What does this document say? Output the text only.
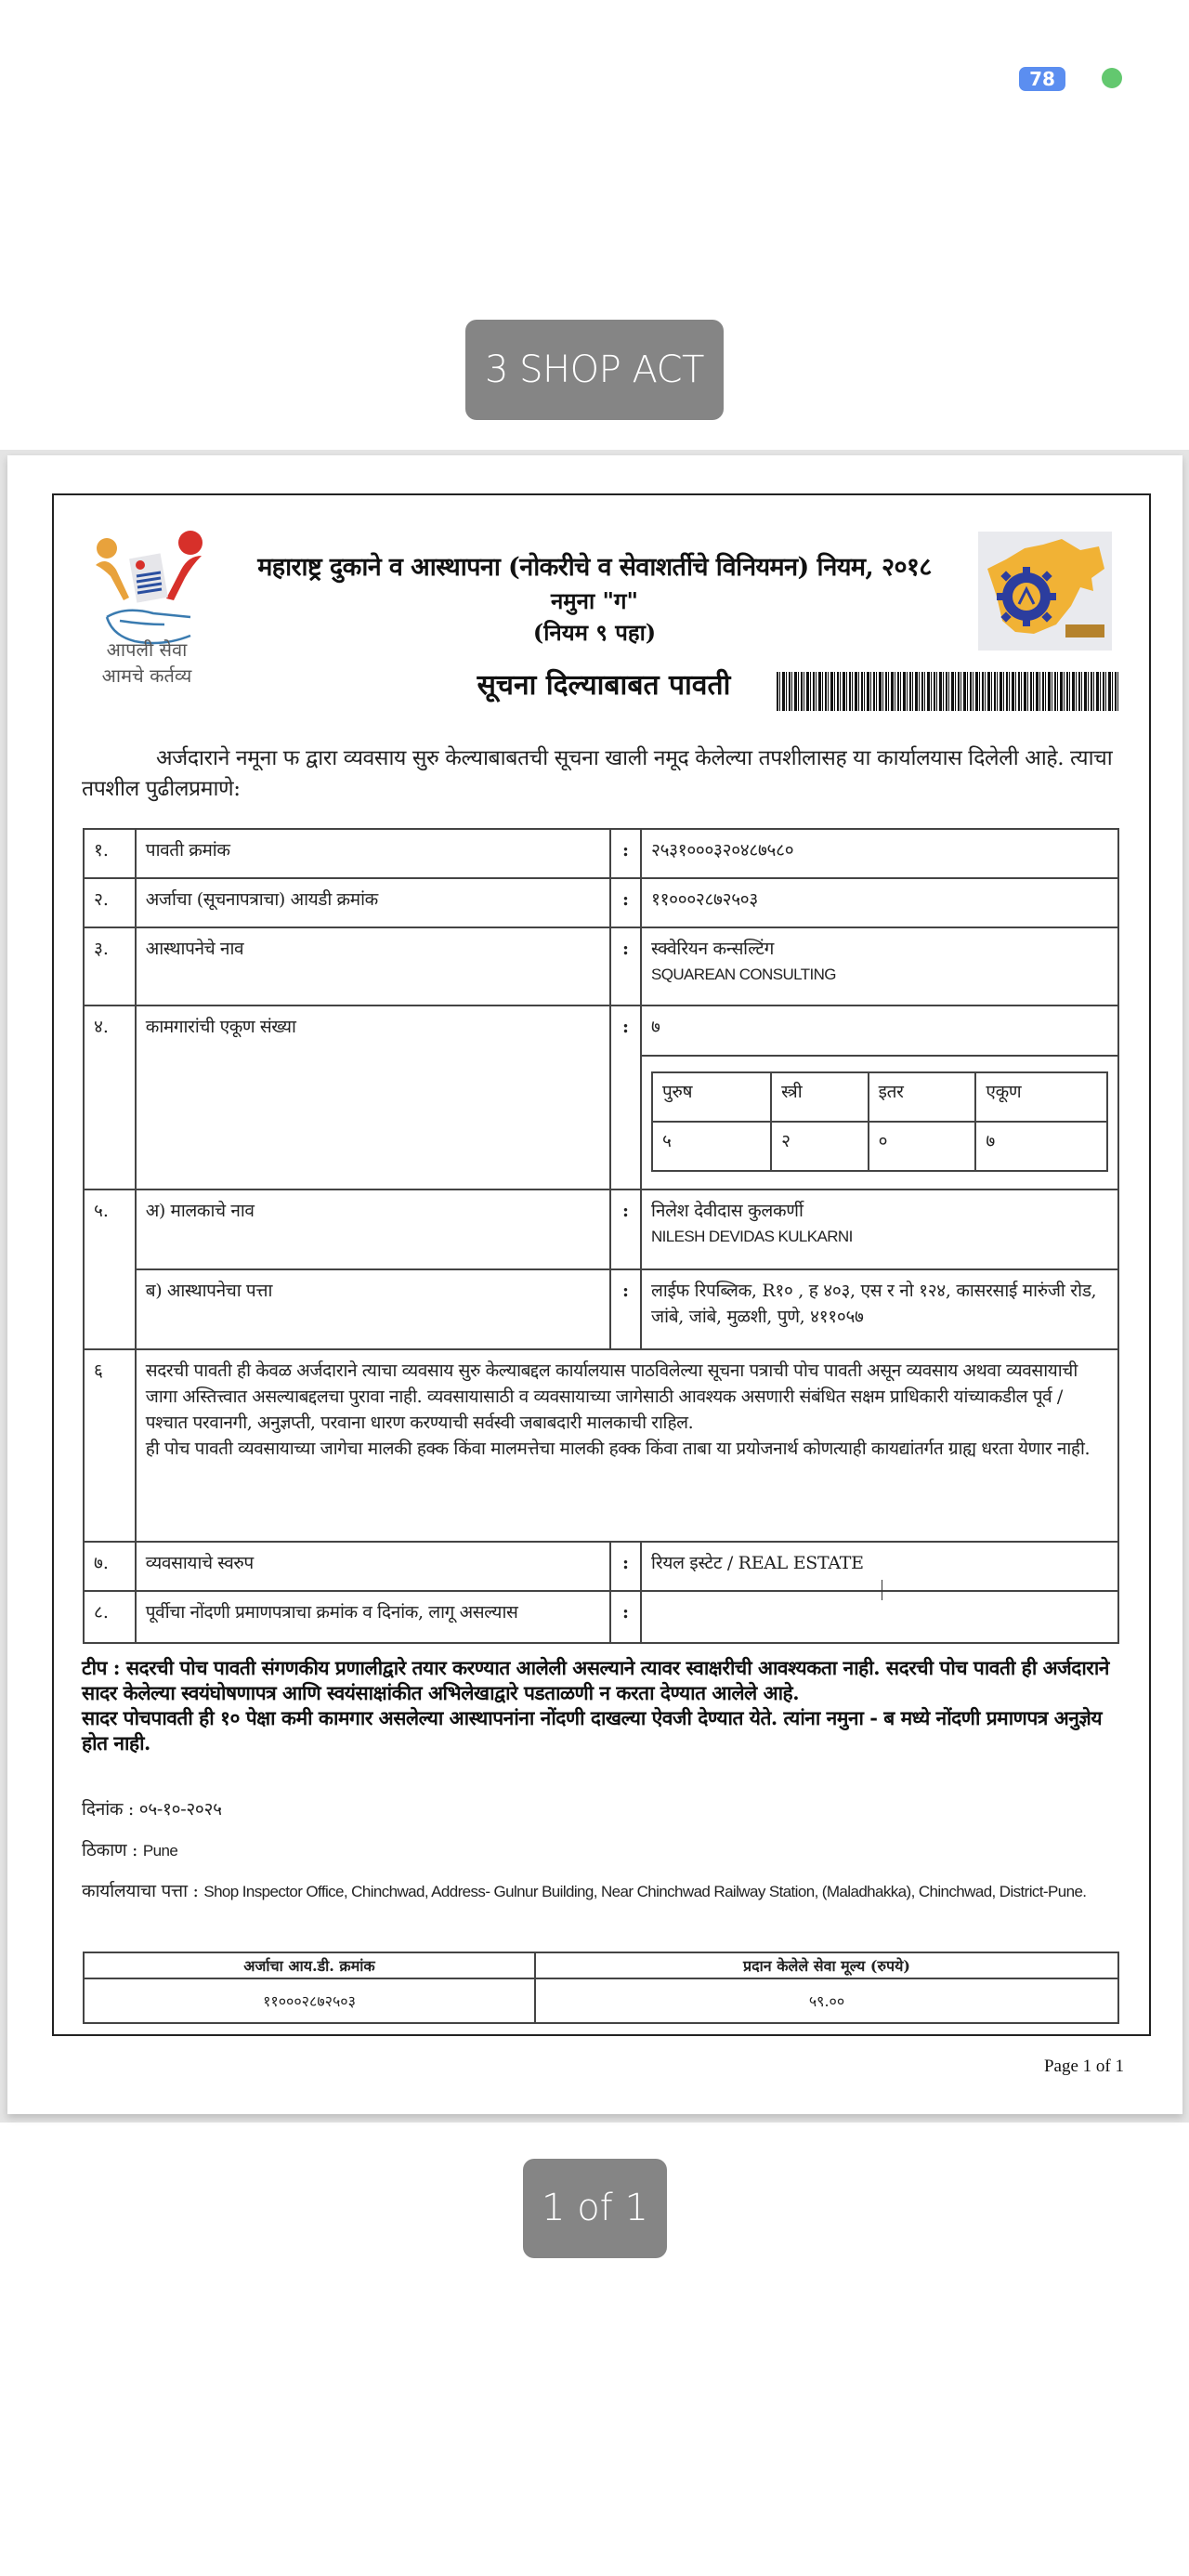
78
3 SHOP ACT
आपली सेवा
आमचे कर्तव्य
महाराष्ट्र दुकाने व आस्थापना (नोकरीचे व सेवाशर्तीचे विनियमन) नियम, २०१८
नमुना "ग"
(नियम ९ पहा)
सूचना दिल्याबाबत पावती
अर्जदाराने नमूना फ द्वारा व्यवसाय सुरु केल्याबाबतची सूचना खाली नमूद केलेल्या तपशीलासह या कार्यालयास दिलेली आहे. त्याचा तपशील पुढीलप्रमाणे:
१.	पावती क्रमांक	:	२५३१०००३२०४८७५८०
२.	अर्जाचा (सूचनापत्राचा) आयडी क्रमांक	:	११०००२८७२५०३
३.	आस्थापनेचे नाव	:	स्क्वेरियन कन्सल्टिंग
SQUAREAN CONSULTING

४.	कामगारांची एकूण संख्या	:	७
पुरुष	स्त्री	इतर	एकूण
५	२	०	७

५.	अ) मालकाचे नाव	:	निलेश देवीदास कुलकर्णी
NILESH DEVIDAS KULKARNI

ब) आस्थापनेचा पत्ता	:	लाईफ रिपब्लिक, R१० , ह ४०३, एस र नो १२४, कासरसाई मारुंजी रोड, जांबे, जांबे, मुळशी, पुणे, ४११०५७
६	सदरची पावती ही केवळ अर्जदाराने त्याचा व्यवसाय सुरु केल्याबद्दल कार्यालयास पाठविलेल्या सूचना पत्राची पोच पावती असून व्यवसाय अथवा व्यवसायाची जागा अस्तित्त्वात असल्याबद्दलचा पुरावा नाही. व्यवसायासाठी व व्यवसायाच्या जागेसाठी आवश्यक असणारी संबंधित सक्षम प्राधिकारी यांच्याकडील पूर्व / पश्चात परवानगी, अनुज्ञप्ती, परवाना धारण करण्याची सर्वस्वी जबाबदारी मालकाची राहिल.
ही पोच पावती व्यवसायाच्या जागेचा मालकी हक्क किंवा मालमत्तेचा मालकी हक्क किंवा ताबा या प्रयोजनार्थ कोणत्याही कायद्यांतर्गत ग्राह्य धरता येणार नाही.

७.	व्यवसायाचे स्वरुप	:	रियल इस्टेट / REAL ESTATE
८.	पूर्वीचा नोंदणी प्रमाणपत्राचा क्रमांक व दिनांक, लागू असल्यास	:	
टीप : सदरची पोच पावती संगणकीय प्रणालीद्वारे तयार करण्यात आलेली असल्याने त्यावर स्वाक्षरीची आवश्यकता नाही. सदरची पोच पावती ही अर्जदाराने सादर केलेल्या स्वयंघोषणापत्र आणि स्वयंसाक्षांकीत अभिलेखाद्वारे पडताळणी न करता देण्यात आलेले आहे.
सादर पोचपावती ही १० पेक्षा कमी कामगार असलेल्या आस्थापनांना नोंदणी दाखल्या ऐवजी देण्यात येते. त्यांना नमुना - ब मध्ये नोंदणी प्रमाणपत्र अनुज्ञेय होत नाही.
दिनांक : ०५-१०-२०२५
ठिकाण : Pune
कार्यालयाचा पत्ता : Shop Inspector Office, Chinchwad, Address- Gulnur Building, Near Chinchwad Railway Station, (Maladhakka), Chinchwad, District-Pune.
अर्जाचा आय.डी. क्रमांक	प्रदान केलेले सेवा मूल्य (रुपये)
११०००२८७२५०३	५९.००
Page 1 of 1
1 of 1
